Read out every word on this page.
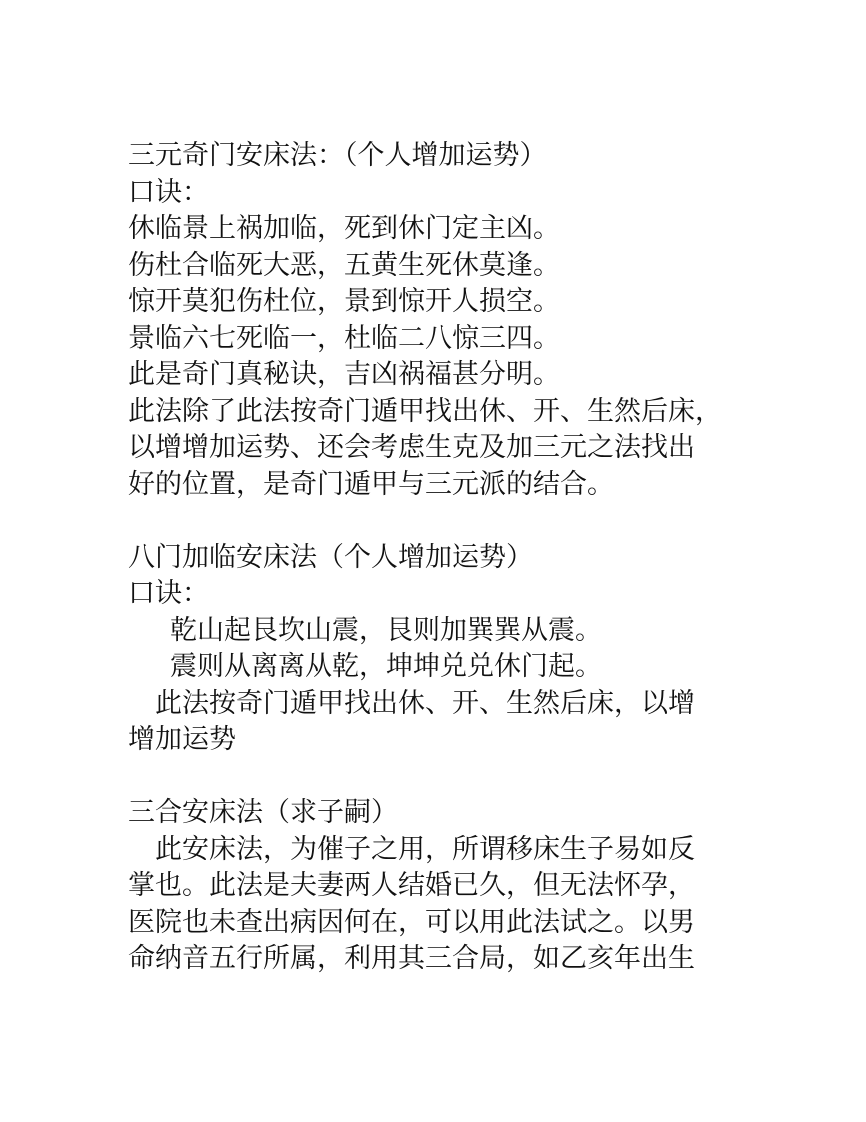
三元奇门安床法：（个人增加运势）
口诀：
休临景上祸加临，死到休门定主凶。
伤杜合临死大恶，五黄生死休莫逢。
惊开莫犯伤杜位，景到惊开人损空。
景临六七死临一，杜临二八惊三四。
此是奇门真秘诀，吉凶祸福甚分明。
此法除了此法按奇门遁甲找出休、开、生然后床，
以增增加运势、还会考虑生克及加三元之法找出
好的位置，是奇门遁甲与三元派的结合。
八门加临安床法（个人增加运势）
口诀：
乾山起艮坎山震，艮则加巽巽从震。
震则从离离从乾，坤坤兑兑休门起。
此法按奇门遁甲找出休、开、生然后床，以增
增加运势
三合安床法（求子嗣）
此安床法，为催子之用，所谓移床生子易如反
掌也。此法是夫妻两人结婚已久，但无法怀孕，
医院也未查出病因何在，可以用此法试之。以男
命纳音五行所属，利用其三合局，如乙亥年出生
